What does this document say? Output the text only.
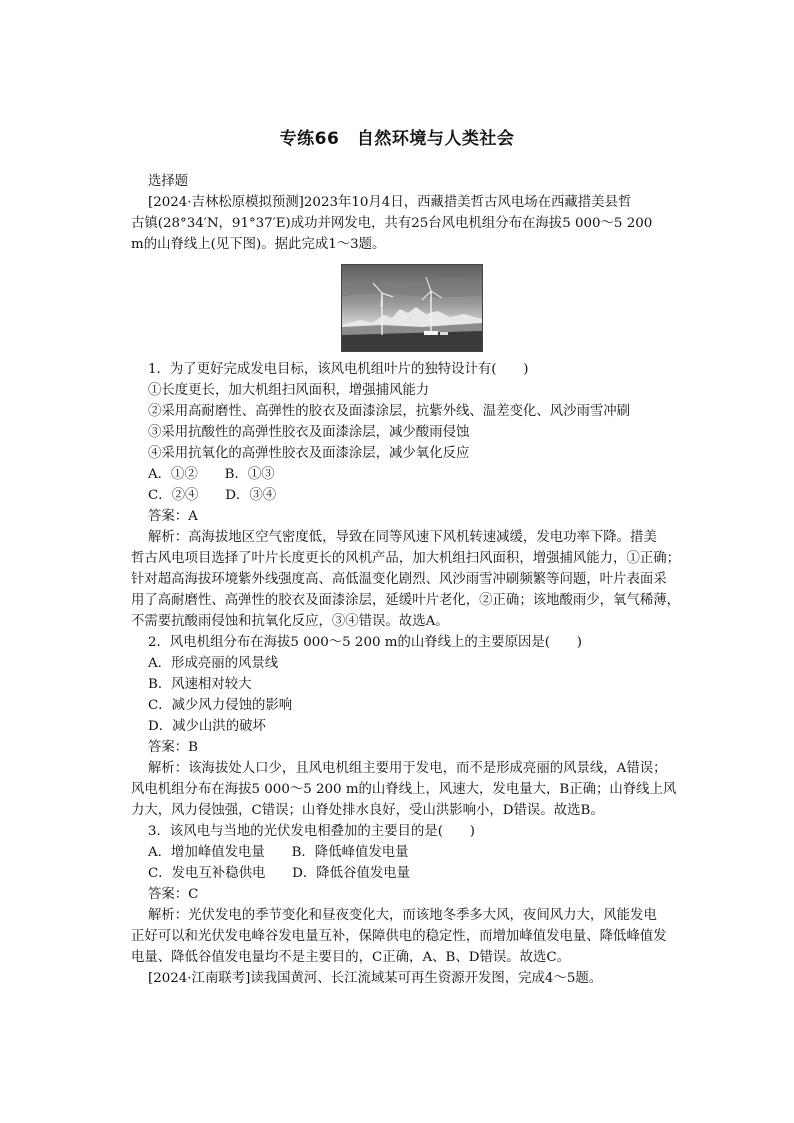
专练66　自然环境与人类社会
选择题
[2024·吉林松原模拟预测]2023年10月4日，西藏措美哲古风电场在西藏措美县哲
古镇(28°34′N，91°37′E)成功并网发电，共有25台风电机组分布在海拔5 000～5 200
m的山脊线上(见下图)。据此完成1～3题。
1．为了更好完成发电目标，该风电机组叶片的独特设计有(　　)
①长度更长，加大机组扫风面积，增强捕风能力
②采用高耐磨性、高弹性的胶衣及面漆涂层，抗紫外线、温差变化、风沙雨雪冲刷
③采用抗酸性的高弹性胶衣及面漆涂层，减少酸雨侵蚀
④采用抗氧化的高弹性胶衣及面漆涂层，减少氧化反应
A．①②　　B．①③
C．②④　　D．③④
答案：A
解析：高海拔地区空气密度低，导致在同等风速下风机转速减缓，发电功率下降。措美
哲古风电项目选择了叶片长度更长的风机产品，加大机组扫风面积，增强捕风能力，①正确；
针对超高海拔环境紫外线强度高、高低温变化剧烈、风沙雨雪冲刷频繁等问题，叶片表面采
用了高耐磨性、高弹性的胶衣及面漆涂层，延缓叶片老化，②正确；该地酸雨少，氧气稀薄，
不需要抗酸雨侵蚀和抗氧化反应，③④错误。故选A。
2．风电机组分布在海拔5 000～5 200 m的山脊线上的主要原因是(　　)
A．形成亮丽的风景线
B．风速相对较大
C．减少风力侵蚀的影响
D．减少山洪的破坏
答案：B
解析：该海拔处人口少，且风电机组主要用于发电，而不是形成亮丽的风景线，A错误；
风电机组分布在海拔5 000～5 200 m的山脊线上，风速大，发电量大，B正确；山脊线上风
力大，风力侵蚀强，C错误；山脊处排水良好，受山洪影响小，D错误。故选B。
3．该风电与当地的光伏发电相叠加的主要目的是(　　)
A．增加峰值发电量　　B．降低峰值发电量
C．发电互补稳供电　　D．降低谷值发电量
答案：C
解析：光伏发电的季节变化和昼夜变化大，而该地冬季多大风，夜间风力大，风能发电
正好可以和光伏发电峰谷发电量互补，保障供电的稳定性，而增加峰值发电量、降低峰值发
电量、降低谷值发电量均不是主要目的，C正确，A、B、D错误。故选C。
[2024·江南联考]读我国黄河、长江流域某可再生资源开发图，完成4～5题。
